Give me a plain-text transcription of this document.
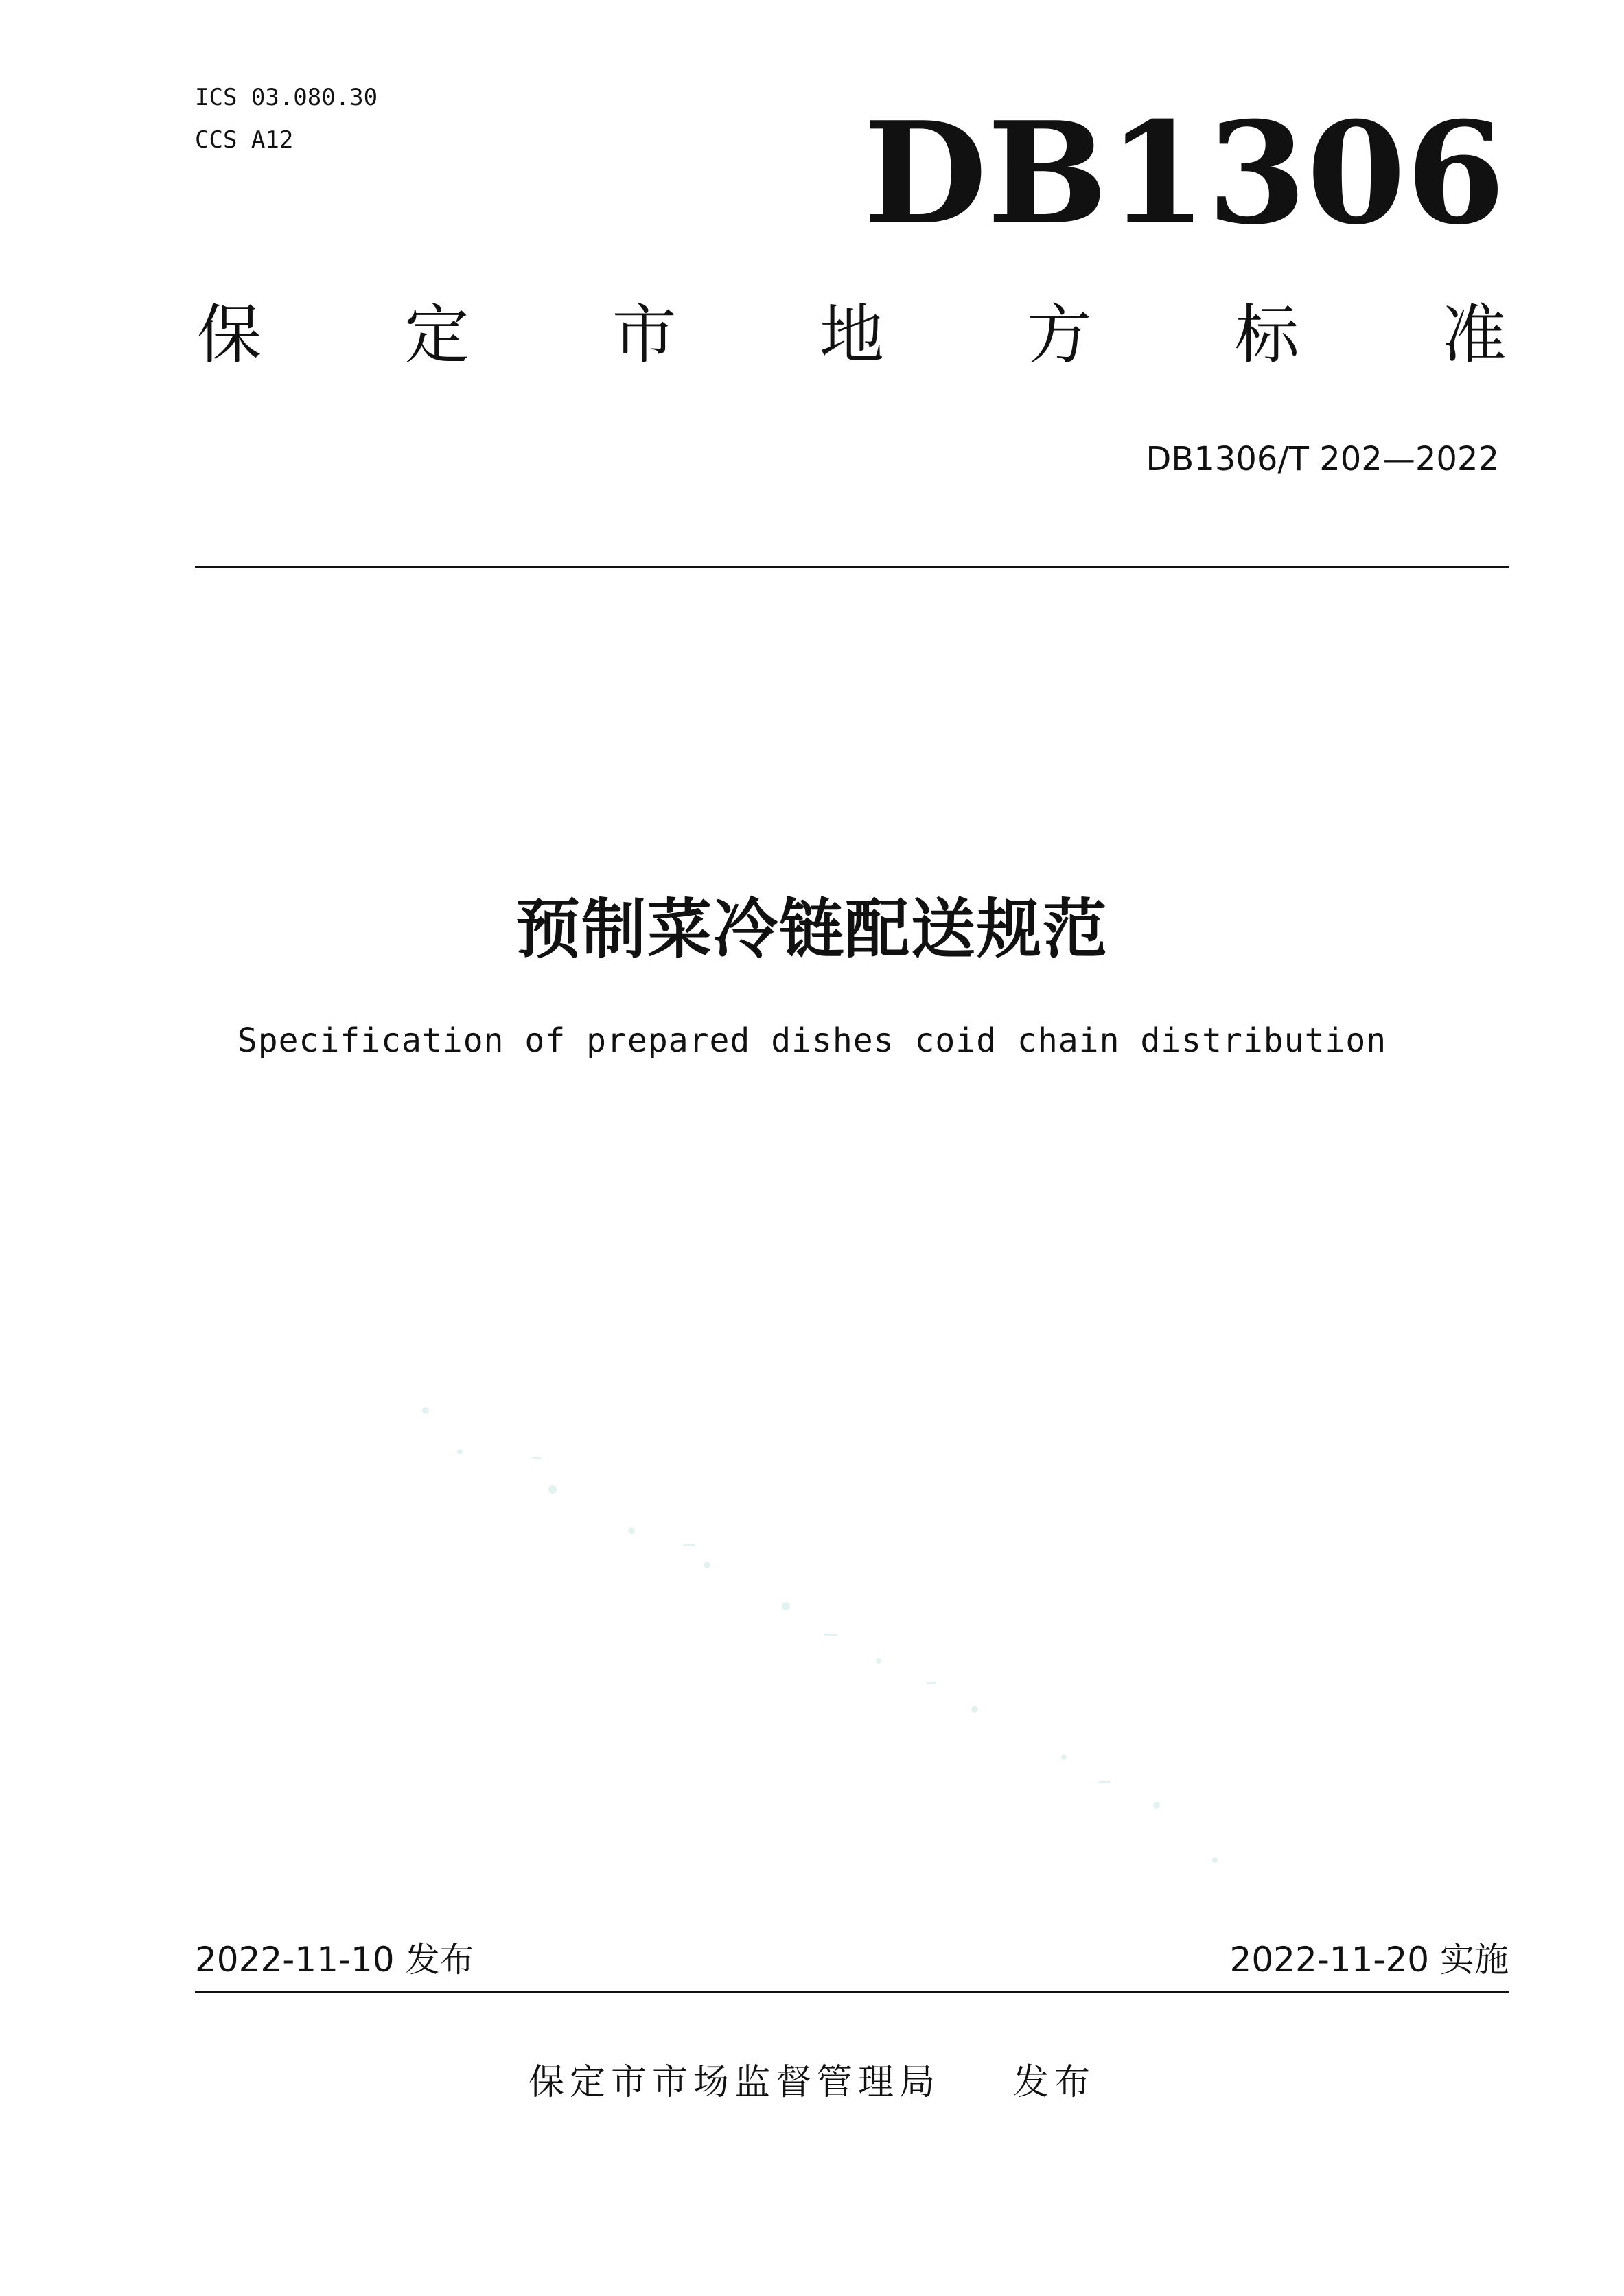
ICS 03.080.30
CCS A12	DB1306
保 定 市 地 方 标 准
DB1306/T 202—2022
预制菜冷链配送规范
Specification of prepared dishes coid chain distribution
2022-11-10 发布	2022-11-20 实施
保定市市场监督管理局 发布
